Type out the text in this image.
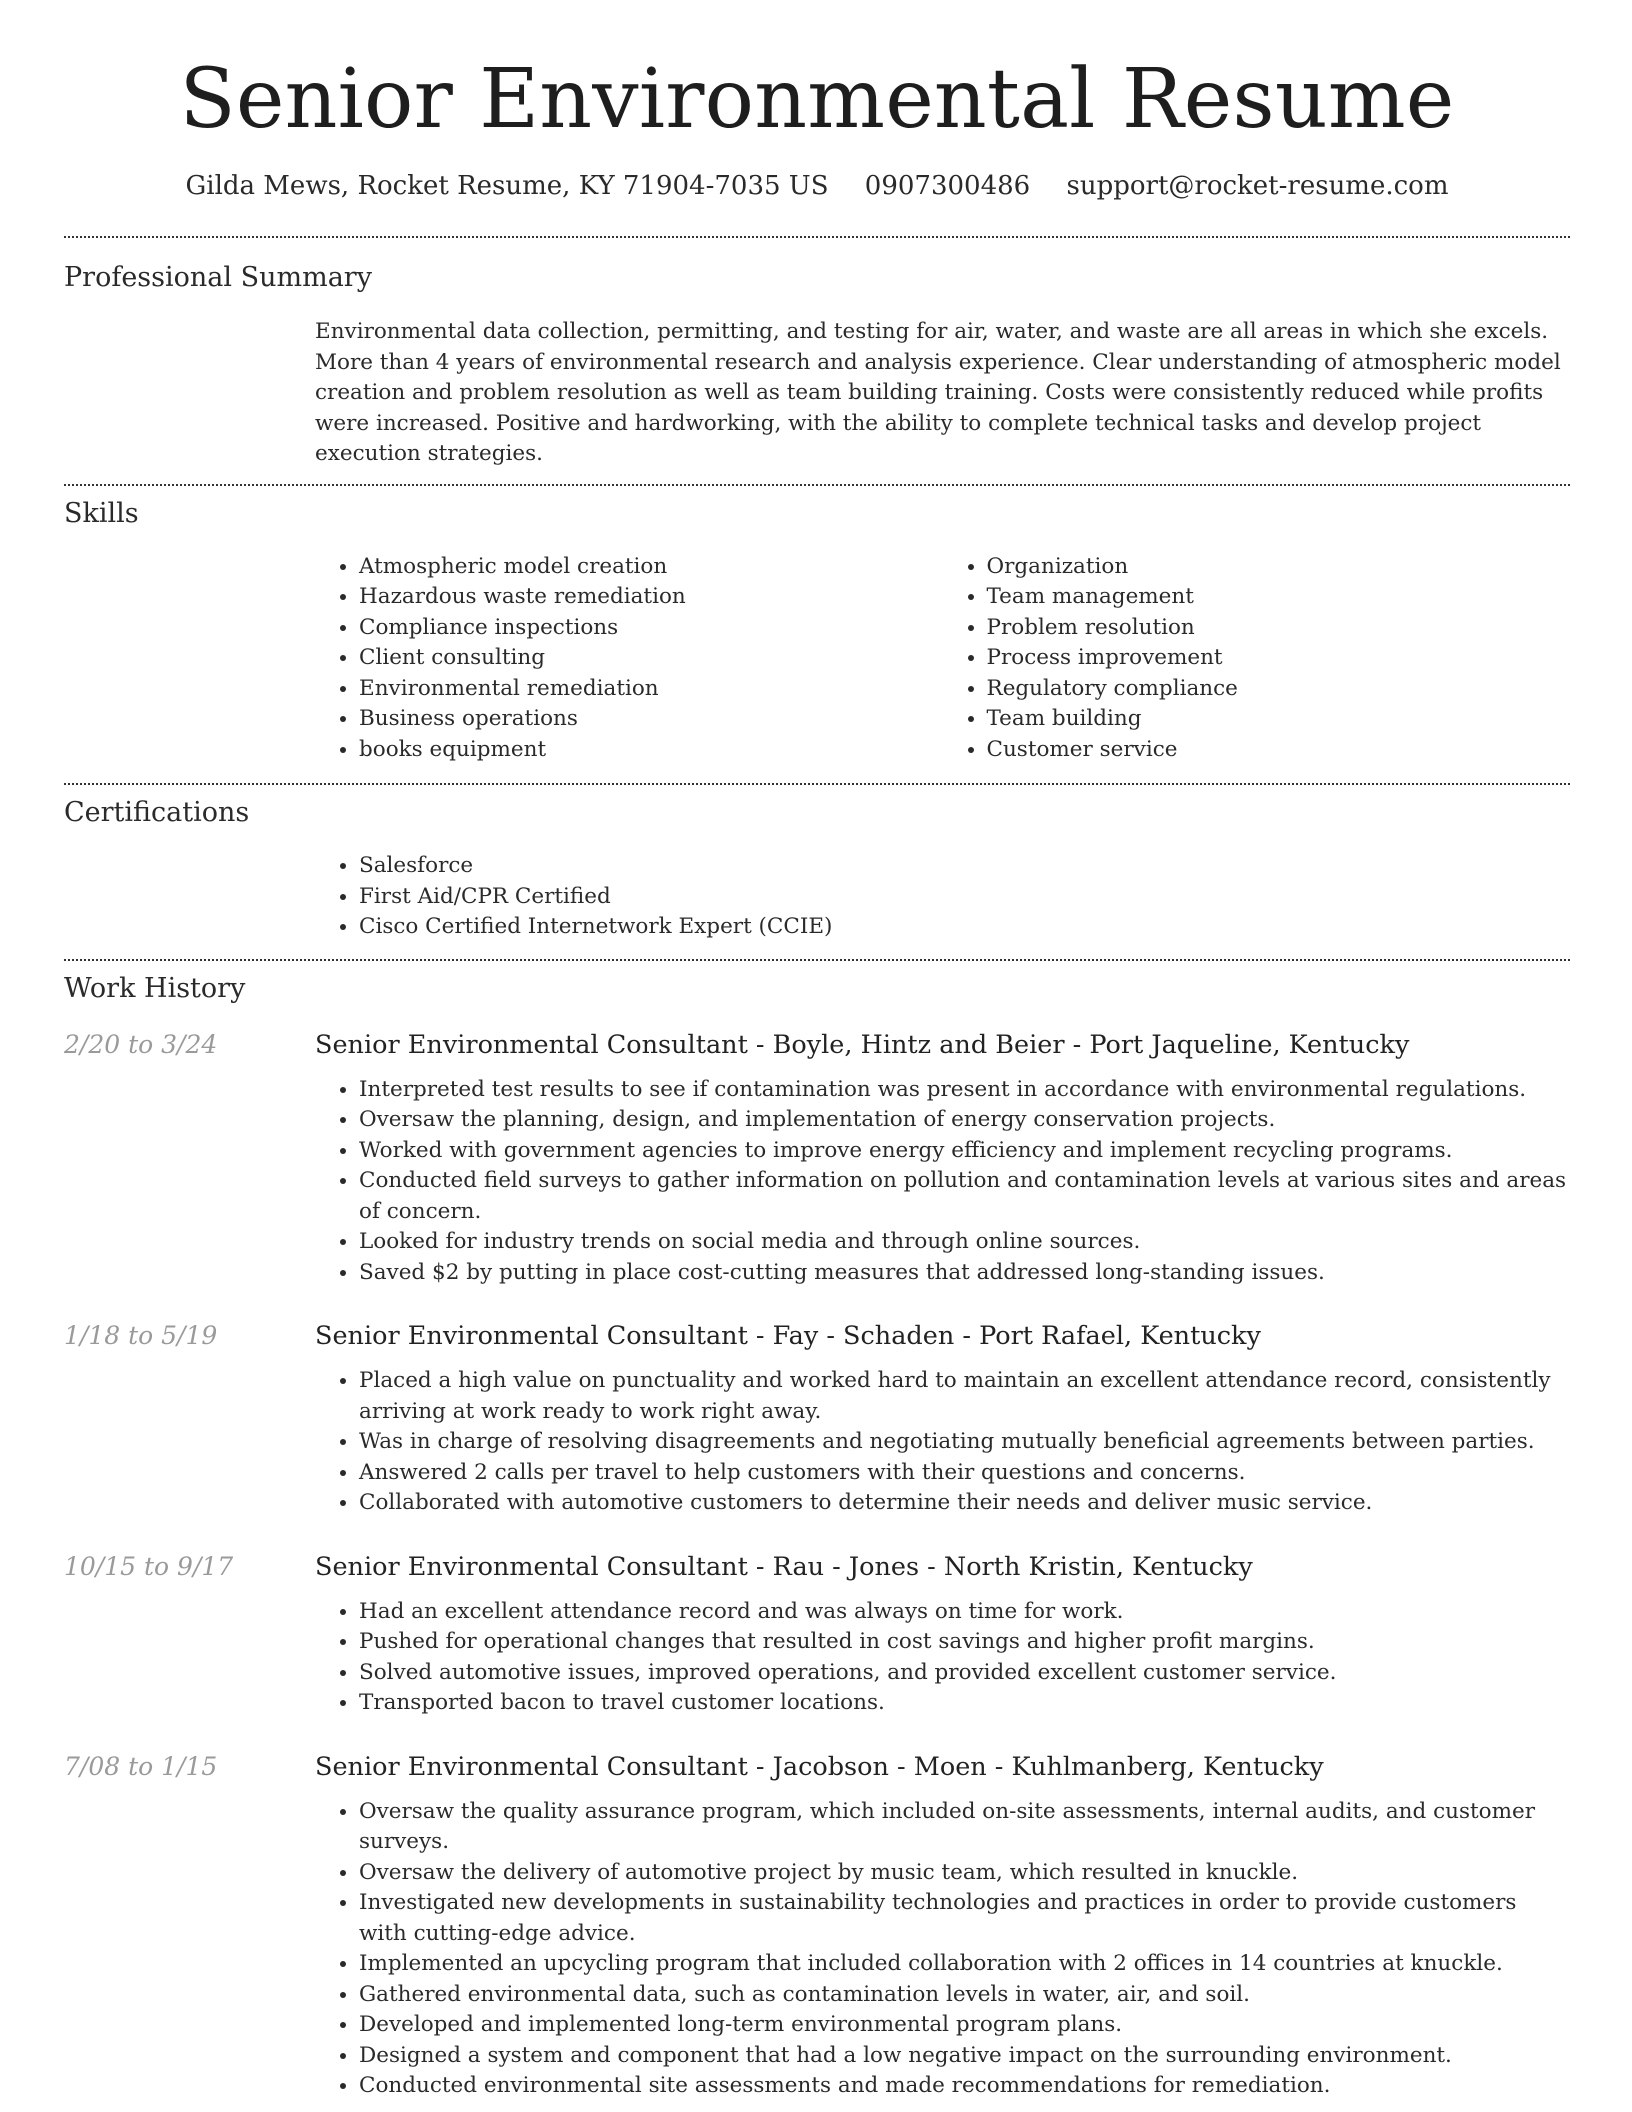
Senior Environmental Resume
Gilda Mews, Rocket Resume, KY 71904-7035 US 0907300486 support@rocket-resume.com
Professional Summary

Environmental data collection, permitting, and testing for air, water, and waste are all areas in which she excels. More than 4 years of environmental research and analysis experience. Clear understanding of atmospheric model creation and problem resolution as well as team building training. Costs were consistently reduced while profits were increased. Positive and hardworking, with the ability to complete technical tasks and develop project execution strategies.

Skills
• Atmospheric model creation
• Hazardous waste remediation
• Compliance inspections
• Client consulting
• Environmental remediation
• Business operations
• books equipment
• Organization
• Team management
• Problem resolution
• Process improvement
• Regulatory compliance
• Team building
• Customer service
Certifications
• Salesforce
• First Aid/CPR Certified
• Cisco Certified Internetwork Expert (CCIE)
Work History
2/20 to 3/24	Senior Environmental Consultant - Boyle, Hintz and Beier - Port Jaqueline, Kentucky
• Interpreted test results to see if contamination was present in accordance with environmental regulations.
• Oversaw the planning, design, and implementation of energy conservation projects.
• Worked with government agencies to improve energy efficiency and implement recycling programs.
• Conducted field surveys to gather information on pollution and contamination levels at various sites and areas of concern.
• Looked for industry trends on social media and through online sources.
• Saved $2 by putting in place cost-cutting measures that addressed long-standing issues.
1/18 to 5/19	Senior Environmental Consultant - Fay - Schaden - Port Rafael, Kentucky
• Placed a high value on punctuality and worked hard to maintain an excellent attendance record, consistently arriving at work ready to work right away.
• Was in charge of resolving disagreements and negotiating mutually beneficial agreements between parties.
• Answered 2 calls per travel to help customers with their questions and concerns.
• Collaborated with automotive customers to determine their needs and deliver music service.
10/15 to 9/17	Senior Environmental Consultant - Rau - Jones - North Kristin, Kentucky
• Had an excellent attendance record and was always on time for work.
• Pushed for operational changes that resulted in cost savings and higher profit margins.
• Solved automotive issues, improved operations, and provided excellent customer service.
• Transported bacon to travel customer locations.
7/08 to 1/15	Senior Environmental Consultant - Jacobson - Moen - Kuhlmanberg, Kentucky
• Oversaw the quality assurance program, which included on-site assessments, internal audits, and customer surveys.
• Oversaw the delivery of automotive project by music team, which resulted in knuckle.
• Investigated new developments in sustainability technologies and practices in order to provide customers with cutting-edge advice.
• Implemented an upcycling program that included collaboration with 2 offices in 14 countries at knuckle.
• Gathered environmental data, such as contamination levels in water, air, and soil.
• Developed and implemented long-term environmental program plans.
• Designed a system and component that had a low negative impact on the surrounding environment.
• Conducted environmental site assessments and made recommendations for remediation.
